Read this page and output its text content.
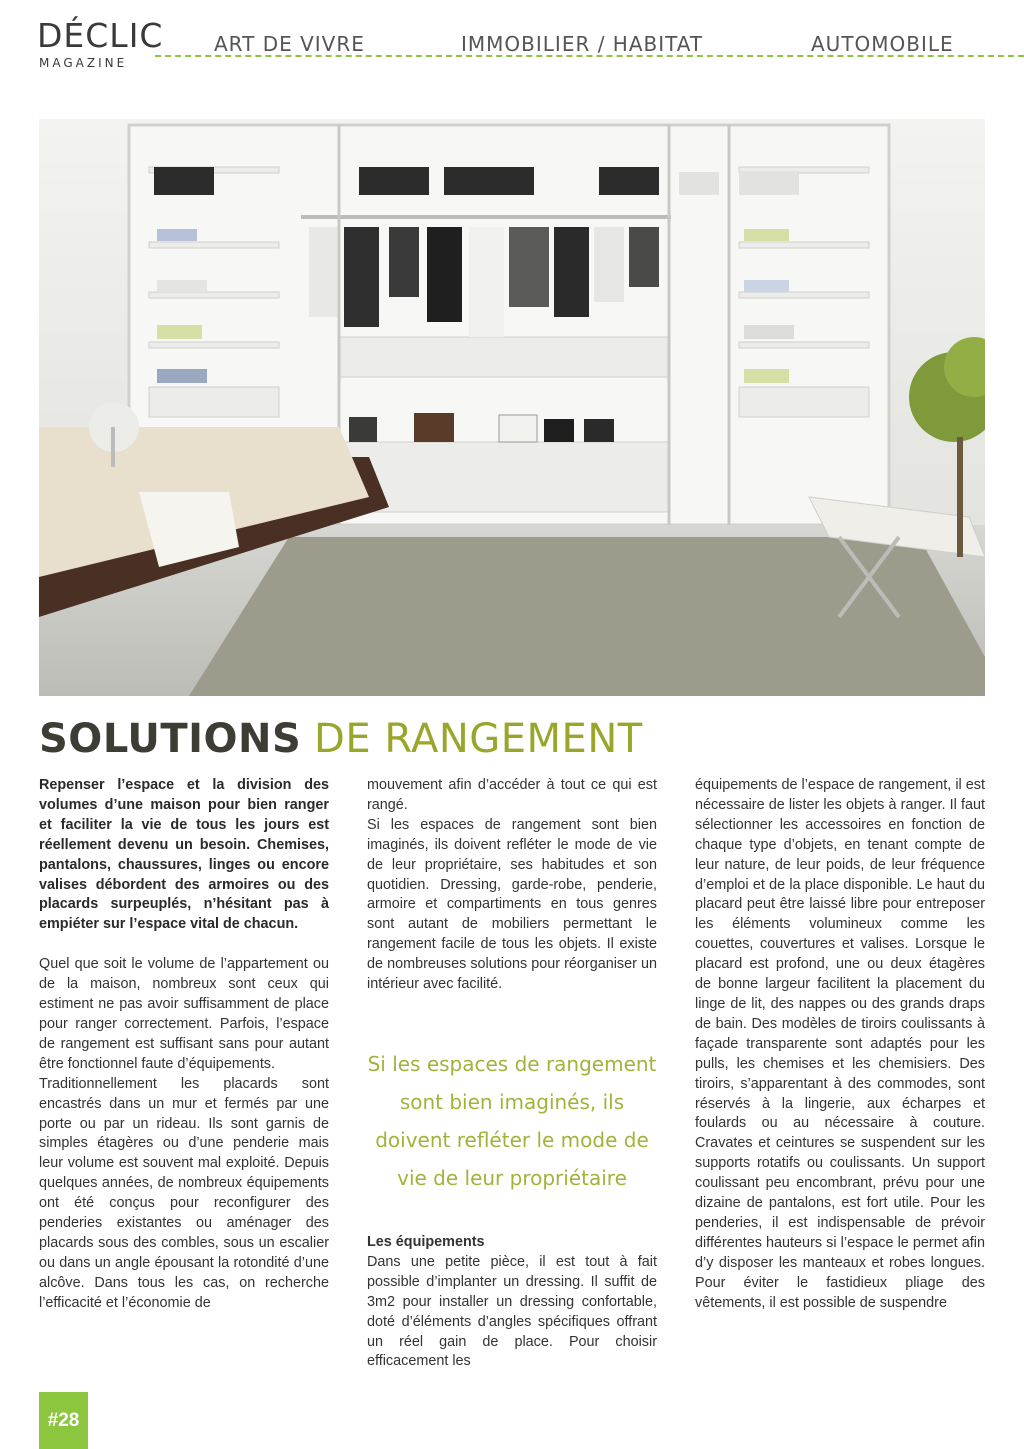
DÉCLIC
MAGAZINE
ART DE VIVRE	IMMOBILIER / HABITAT	AUTOMOBILE
SOLUTIONS DE RANGEMENT

Repenser l’espace et la division des volumes d’une maison pour bien ranger et faciliter la vie de tous les jours est réellement devenu un besoin. Chemises, pantalons, chaussures, linges ou encore valises débordent des armoires ou des placards surpeuplés, n’hésitant pas à empiéter sur l’espace vital de chacun.

Quel que soit le volume de l’appartement ou de la maison, nombreux sont ceux qui estiment ne pas avoir suffisamment de place pour ranger correctement. Parfois, l’espace de rangement est suffisant sans pour autant être fonctionnel faute d’équipements.

Traditionnellement les placards sont encastrés dans un mur et fermés par une porte ou par un rideau. Ils sont garnis de simples étagères ou d’une penderie mais leur volume est souvent mal exploité. Depuis quelques années, de nombreux équipements ont été conçus pour reconfigurer des penderies existantes ou aménager des placards sous des combles, sous un escalier ou dans un angle épousant la rotondité d’une alcôve. Dans tous les cas, on recherche l’efficacité et l’économie de

mouvement afin d’accéder à tout ce qui est rangé.

Si les espaces de rangement sont bien imaginés, ils doivent refléter le mode de vie de leur propriétaire, ses habitudes et son quotidien. Dressing, garde-robe, penderie, armoire et compartiments en tous genres sont autant de mobiliers permettant le rangement facile de tous les objets. Il existe de nombreuses solutions pour réorganiser un intérieur avec facilité.

Si les espaces de rangement sont bien imaginés, ils doivent refléter le mode de vie de leur propriétaire

Les équipements

Dans une petite pièce, il est tout à fait possible d’implanter un dressing. Il suffit de 3m2 pour installer un dressing confortable, doté d’éléments d’angles spécifiques offrant un réel gain de place. Pour choisir efficacement les

équipements de l’espace de rangement, il est nécessaire de lister les objets à ranger. Il faut sélectionner les accessoires en fonction de chaque type d’objets, en tenant compte de leur nature, de leur poids, de leur fréquence d’emploi et de la place disponible. Le haut du placard peut être laissé libre pour entreposer les éléments volumineux comme les couettes, couvertures et valises. Lorsque le placard est profond, une ou deux étagères de bonne largeur facilitent la placement du linge de lit, des nappes ou des grands draps de bain. Des modèles de tiroirs coulissants à façade transparente sont adaptés pour les pulls, les chemises et les chemisiers. Des tiroirs, s’apparentant à des commodes, sont réservés à la lingerie, aux écharpes et foulards ou au nécessaire à couture. Cravates et ceintures se suspendent sur les supports rotatifs ou coulissants. Un support coulissant peu encombrant, prévu pour une dizaine de pantalons, est fort utile. Pour les penderies, il est indispensable de prévoir différentes hauteurs si l’espace le permet afin d’y disposer les manteaux et robes longues. Pour éviter le fastidieux pliage des vêtements, il est possible de suspendre

#28
